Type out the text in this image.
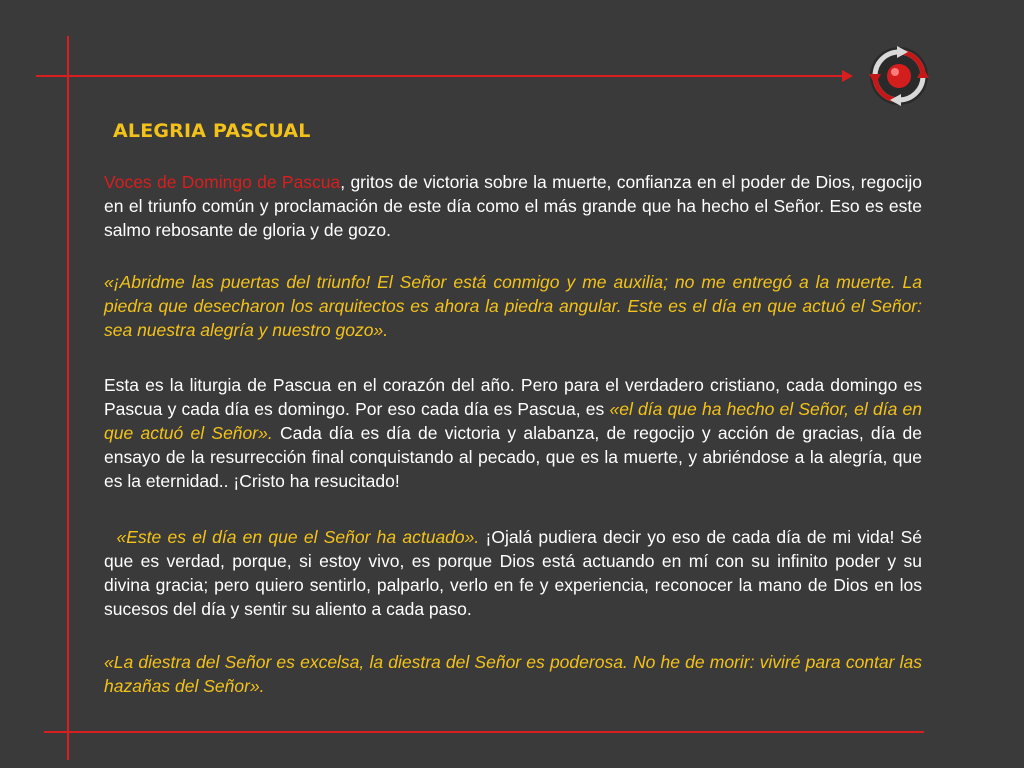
ALEGRIA PASCUAL

Voces de Domingo de Pascua, gritos de victoria sobre la muerte, confianza en el poder de Dios, regocijo en el triunfo común y proclamación de este día como el más grande que ha hecho el Señor. Eso es este salmo rebosante de gloria y de gozo.

«¡Abridme las puertas del triunfo! El Señor está conmigo y me auxilia; no me entregó a la muerte. La piedra que desecharon los arquitectos es ahora la piedra angular. Este es el día en que actuó el Señor: sea nuestra alegría y nuestro gozo».

Esta es la liturgia de Pascua en el corazón del año. Pero para el verdadero cristiano, cada domingo es Pascua y cada día es domingo. Por eso cada día es Pascua, es «el día que ha hecho el Señor, el día en que actuó el Señor». Cada día es día de victoria y alabanza, de regocijo y acción de gracias, día de ensayo de la resurrección final conquistando al pecado, que es la muerte, y abriéndose a la alegría, que es la eternidad.. ¡Cristo ha resucitado!

«Este es el día en que el Señor ha actuado». ¡Ojalá pudiera decir yo eso de cada día de mi vida! Sé que es verdad, porque, si estoy vivo, es porque Dios está actuando en mí con su infinito poder y su divina gracia; pero quiero sentirlo, palparlo, verlo en fe y experiencia, reconocer la mano de Dios en los sucesos del día y sentir su aliento a cada paso.

«La diestra del Señor es excelsa, la diestra del Señor es poderosa. No he de morir: viviré para contar las hazañas del Señor».
